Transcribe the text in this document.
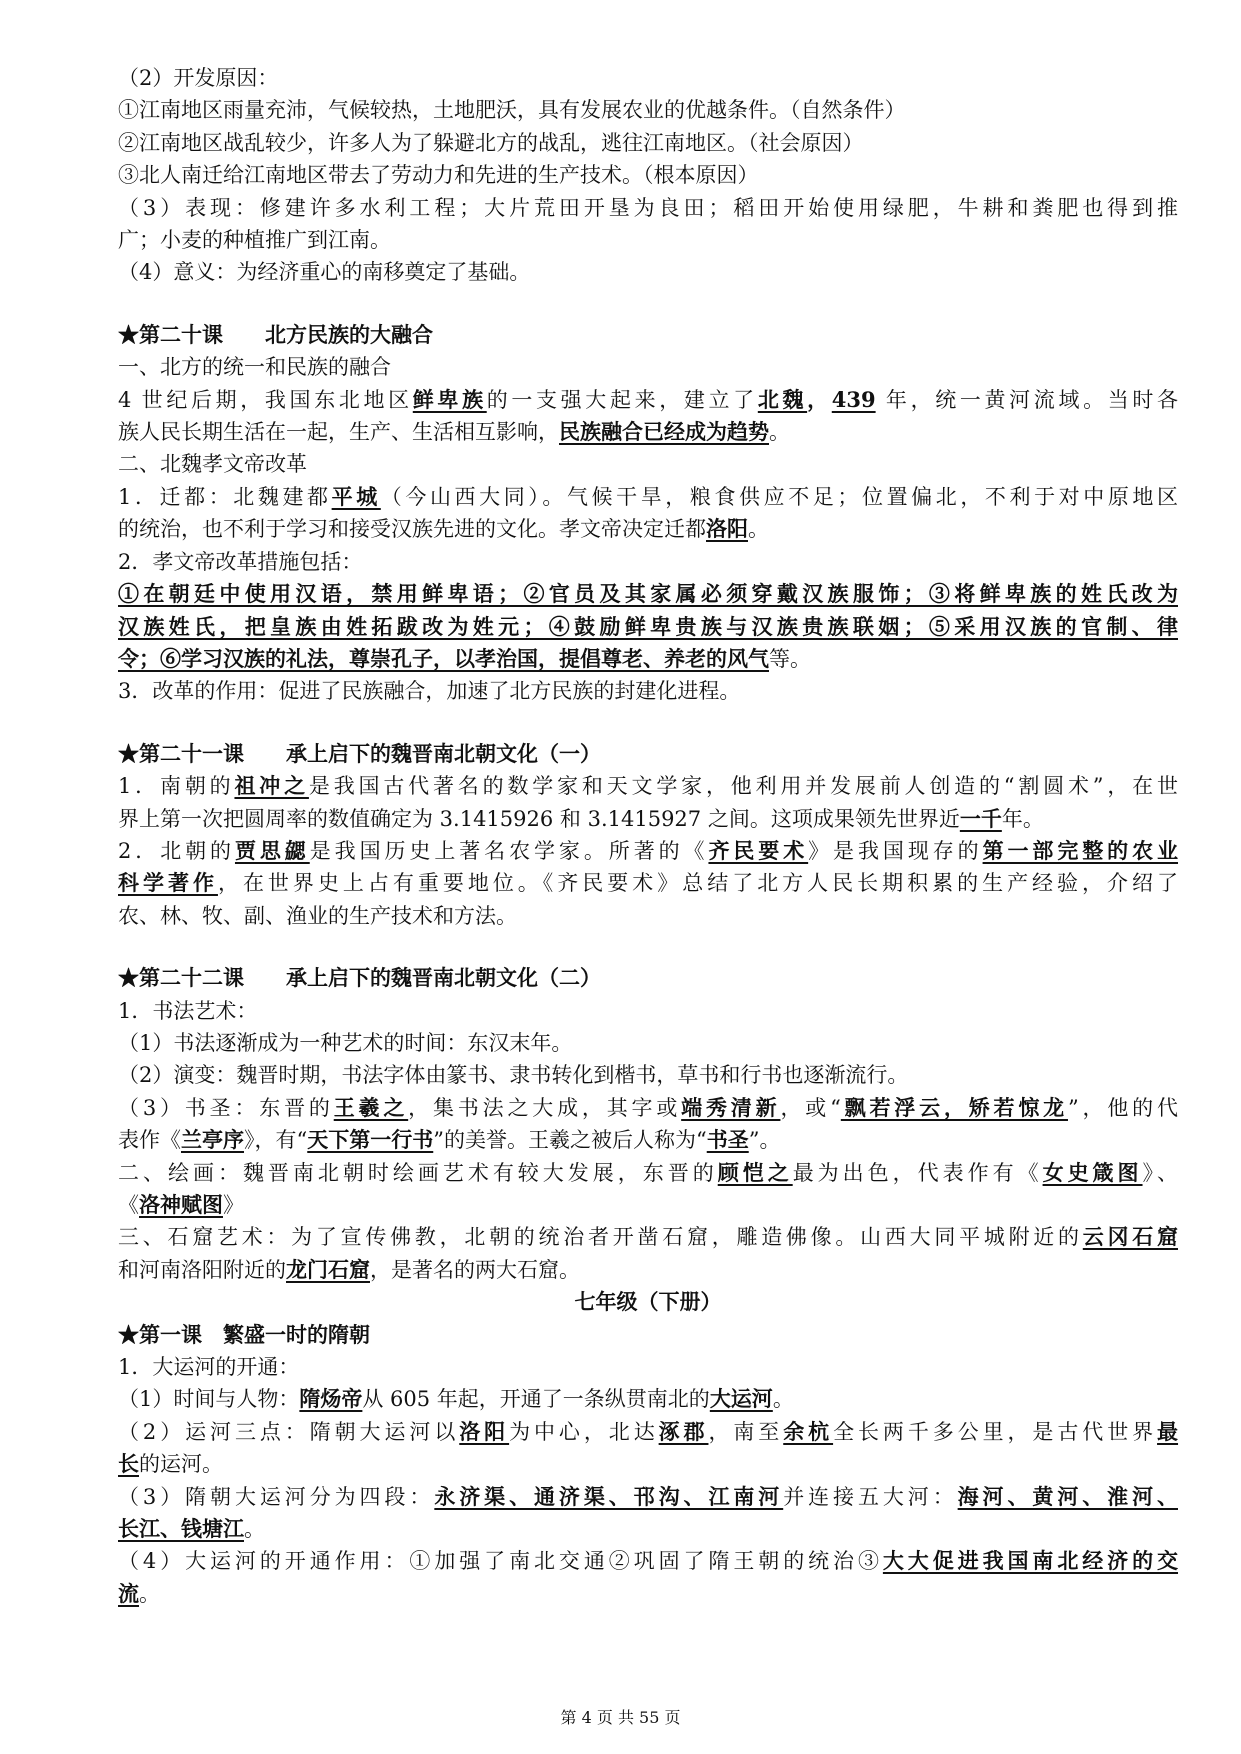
（2）开发原因：
①江南地区雨量充沛，气候较热，土地肥沃，具有发展农业的优越条件。（自然条件）
②江南地区战乱较少，许多人为了躲避北方的战乱，逃往江南地区。（社会原因）
③北人南迁给江南地区带去了劳动力和先进的生产技术。（根本原因）
（3）表现：修建许多水利工程；大片荒田开垦为良田；稻田开始使用绿肥，牛耕和粪肥也得到推
广；小麦的种植推广到江南。
（4）意义：为经济重心的南移奠定了基础。
★第二十课　　北方民族的大融合
一、北方的统一和民族的融合
4 世纪后期，我国东北地区鲜卑族的一支强大起来，建立了北魏，439 年，统一黄河流域。当时各
族人民长期生活在一起，生产、生活相互影响，民族融合已经成为趋势。
二、北魏孝文帝改革
1．迁都：北魏建都平城（今山西大同）。气候干旱，粮食供应不足；位置偏北，不利于对中原地区
的统治，也不利于学习和接受汉族先进的文化。孝文帝决定迁都洛阳。
2．孝文帝改革措施包括：
①在朝廷中使用汉语，禁用鲜卑语；②官员及其家属必须穿戴汉族服饰；③将鲜卑族的姓氏改为
汉族姓氏，把皇族由姓拓跋改为姓元；④鼓励鲜卑贵族与汉族贵族联姻；⑤采用汉族的官制、律
令；⑥学习汉族的礼法，尊崇孔子，以孝治国，提倡尊老、养老的风气等。
3．改革的作用：促进了民族融合，加速了北方民族的封建化进程。
★第二十一课　　承上启下的魏晋南北朝文化（一）
1．南朝的祖冲之是我国古代著名的数学家和天文学家，他利用并发展前人创造的“割圆术”，在世
界上第一次把圆周率的数值确定为 3.1415926 和 3.1415927 之间。这项成果领先世界近一千年。
2．北朝的贾思勰是我国历史上著名农学家。所著的《齐民要术》是我国现存的第一部完整的农业
科学著作，在世界史上占有重要地位。《齐民要术》总结了北方人民长期积累的生产经验，介绍了
农、林、牧、副、渔业的生产技术和方法。
★第二十二课　　承上启下的魏晋南北朝文化（二）
1．书法艺术：
（1）书法逐渐成为一种艺术的时间：东汉末年。
（2）演变：魏晋时期，书法字体由篆书、隶书转化到楷书，草书和行书也逐渐流行。
（3）书圣：东晋的王羲之，集书法之大成，其字或端秀清新，或“飘若浮云，矫若惊龙”，他的代
表作《兰亭序》，有“天下第一行书”的美誉。王羲之被后人称为“书圣”。
二、绘画：魏晋南北朝时绘画艺术有较大发展，东晋的顾恺之最为出色，代表作有《女史箴图》、
《洛神赋图》
三、石窟艺术：为了宣传佛教，北朝的统治者开凿石窟，雕造佛像。山西大同平城附近的云冈石窟
和河南洛阳附近的龙门石窟，是著名的两大石窟。
七年级（下册）
★第一课　繁盛一时的隋朝
1．大运河的开通：
（1）时间与人物：隋炀帝从 605 年起，开通了一条纵贯南北的大运河。
（2）运河三点：隋朝大运河以洛阳为中心，北达涿郡，南至余杭全长两千多公里，是古代世界最
长的运河。
（3）隋朝大运河分为四段：永济渠、通济渠、邗沟、江南河并连接五大河：海河、黄河、淮河、
长江、钱塘江。
（4）大运河的开通作用：①加强了南北交通②巩固了隋王朝的统治③大大促进我国南北经济的交
流。
第 4 页 共 55 页
